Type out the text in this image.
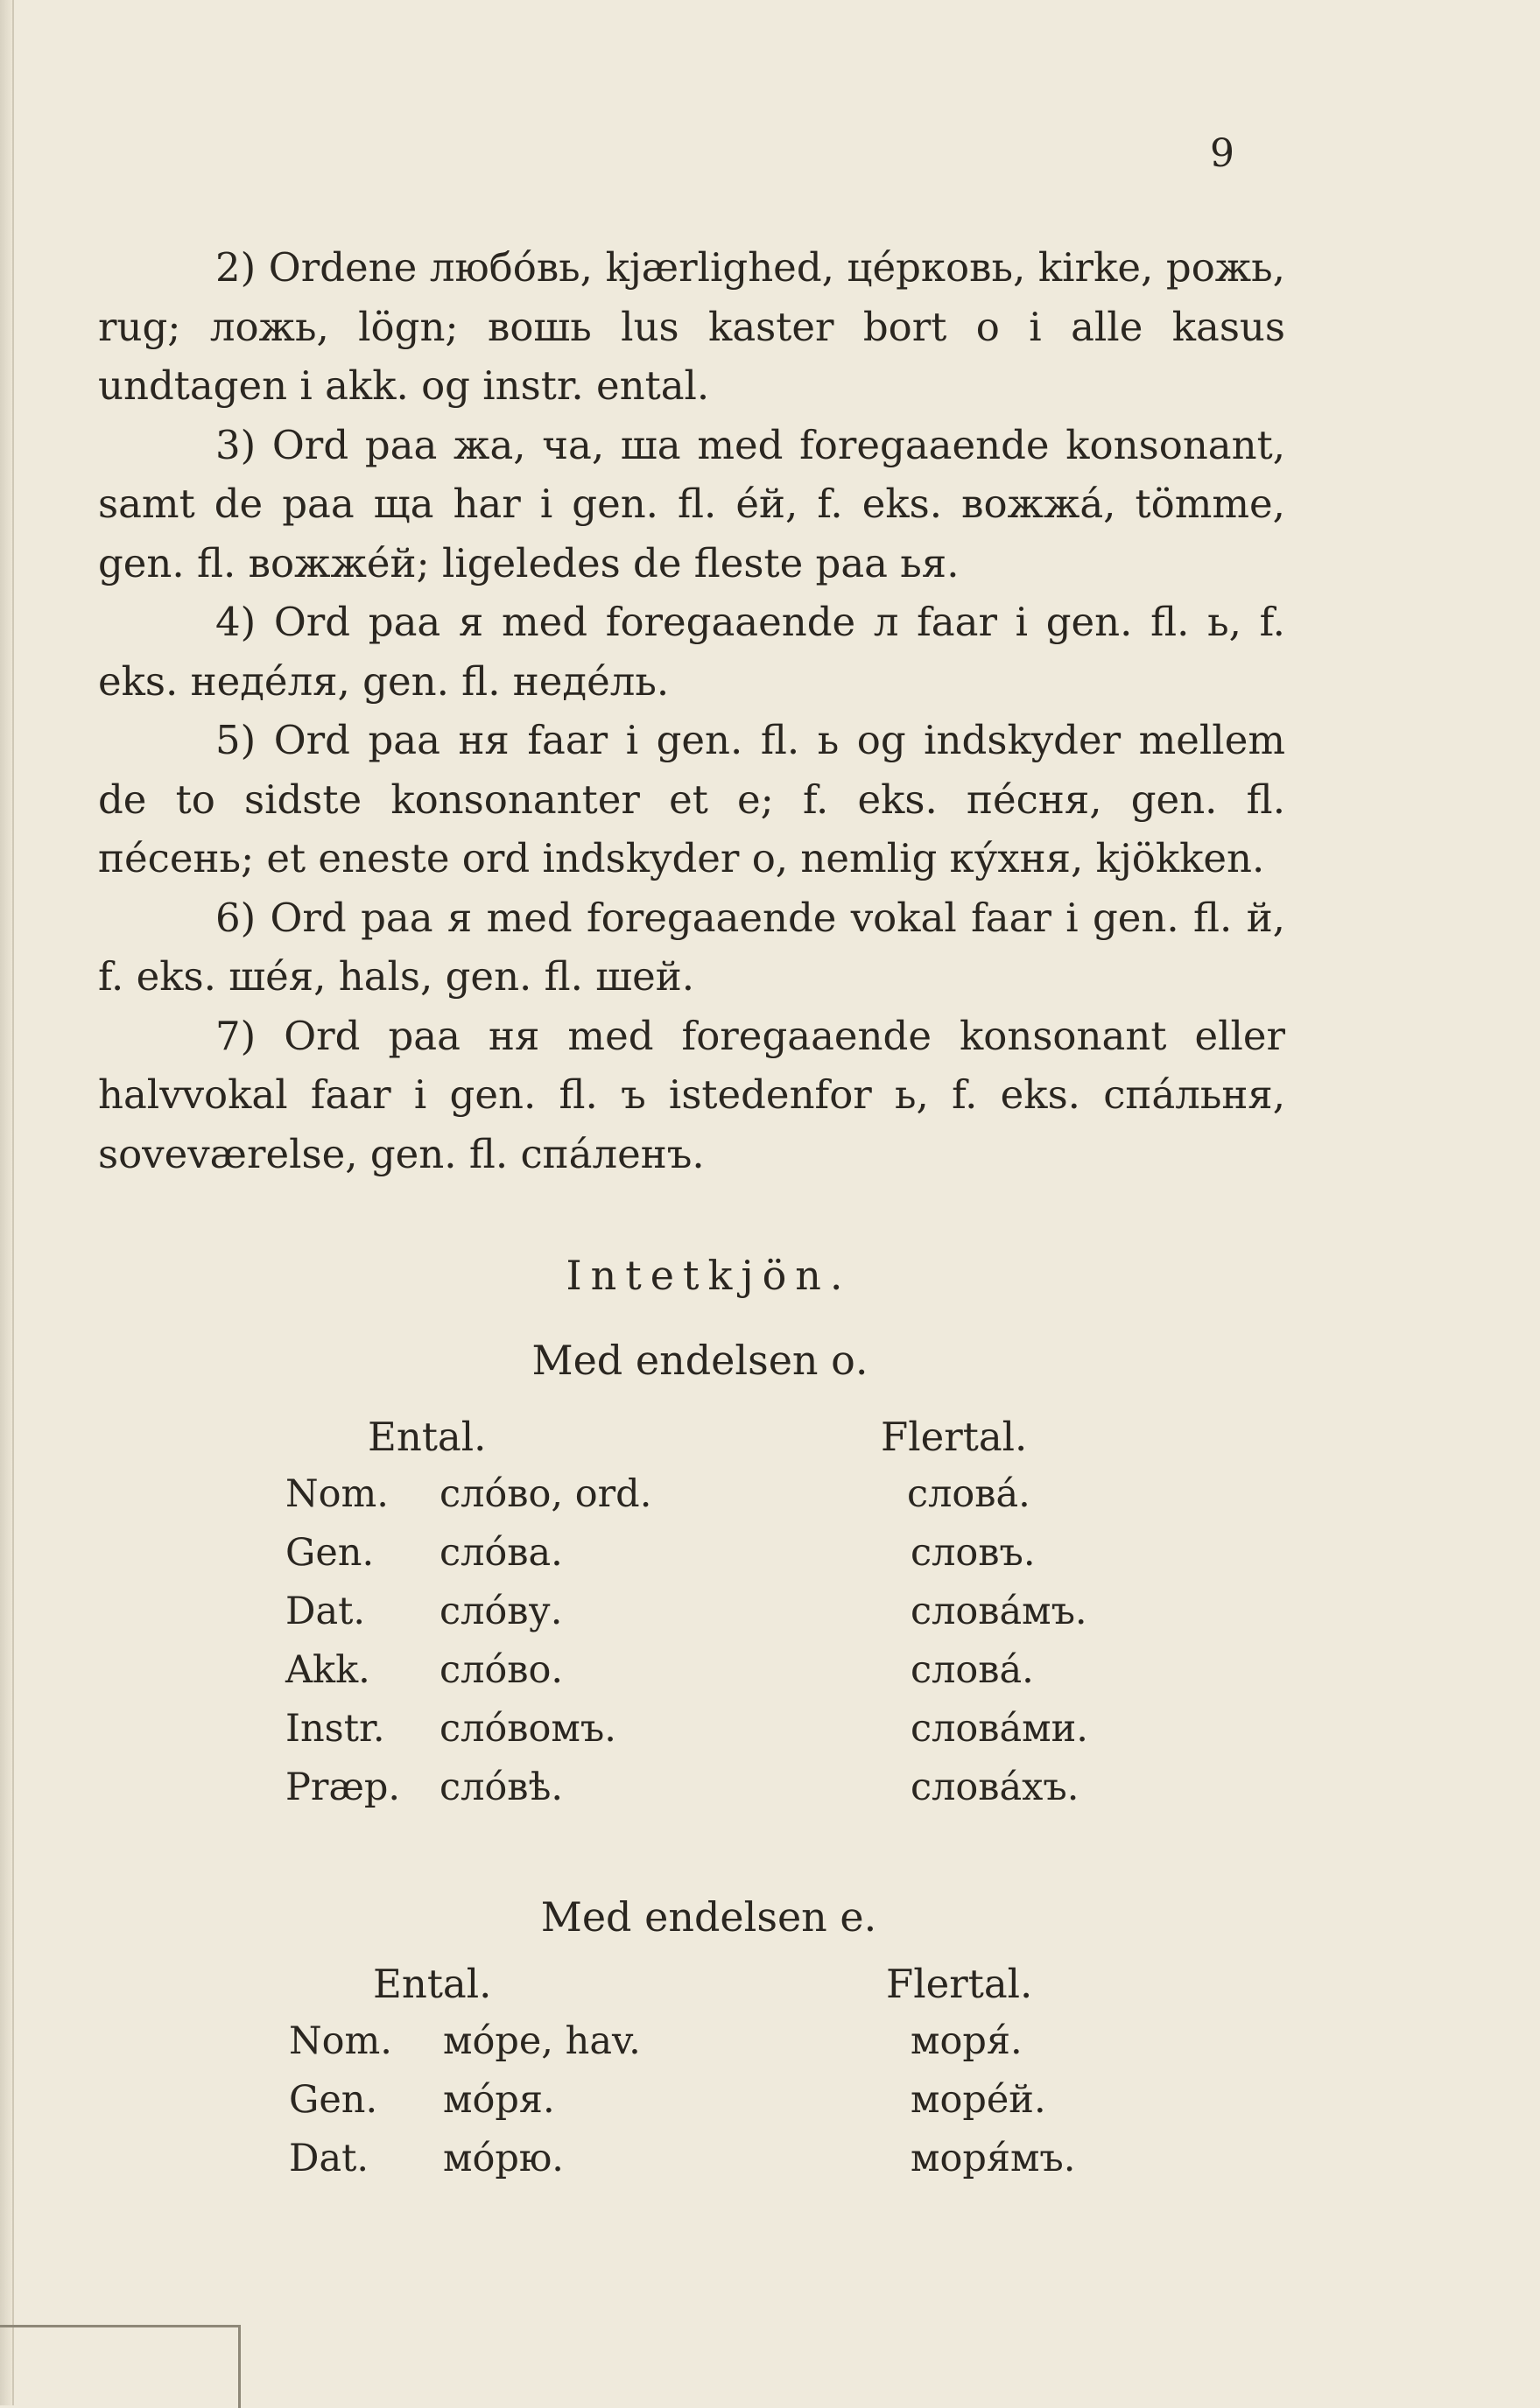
9

2) Ordene любо́вь, kjærlighed, це́рковь, kirke, рожь, rug; ложь, lögn; вошь lus kaster bort о i alle kasus undtagen i akk. og instr. ental.

3) Ord paa жа, ча, ша med foregaaende konsonant, samt de paa ща har i gen. fl. е́й, f. eks. вожжа́, tömme, gen. fl. вожже́й; ligeledes de fleste paa ья.

4) Ord paa я med foregaaende л faar i gen. fl. ь, f. eks. неде́ля, gen. fl. неде́ль.

5) Ord paa ня faar i gen. fl. ь og indskyder mellem de to sidste konsonanter et е; f. eks. пе́сня, gen. fl. пе́сень; et eneste ord indskyder о, nemlig ку́хня, kjökken.

6) Ord paa я med foregaaende vokal faar i gen. fl. й, f. eks. ше́я, hals, gen. fl. шей.

7) Ord paa ня med foregaaende konsonant eller halvvokal faar i gen. fl. ъ istedenfor ь, f. eks. спа́льня, soveværelse, gen. fl. спа́ленъ.

Intetkjön.
Med endelsen о.
Ental.	Flertal.
Nom. сло́во, ord.	слова́.
Gen. сло́ва.	словъ.
Dat. сло́ву.	слова́мъ.
Akk. сло́во.	слова́.
Instr. сло́вомъ.	слова́ми.
Præp. сло́вѣ.	слова́хъ.
Med endelsen е.
Ental.	Flertal.
Nom. мо́ре, hav.	моря́.
Gen. мо́ря.	море́й.
Dat. мо́рю.	моря́мъ.
